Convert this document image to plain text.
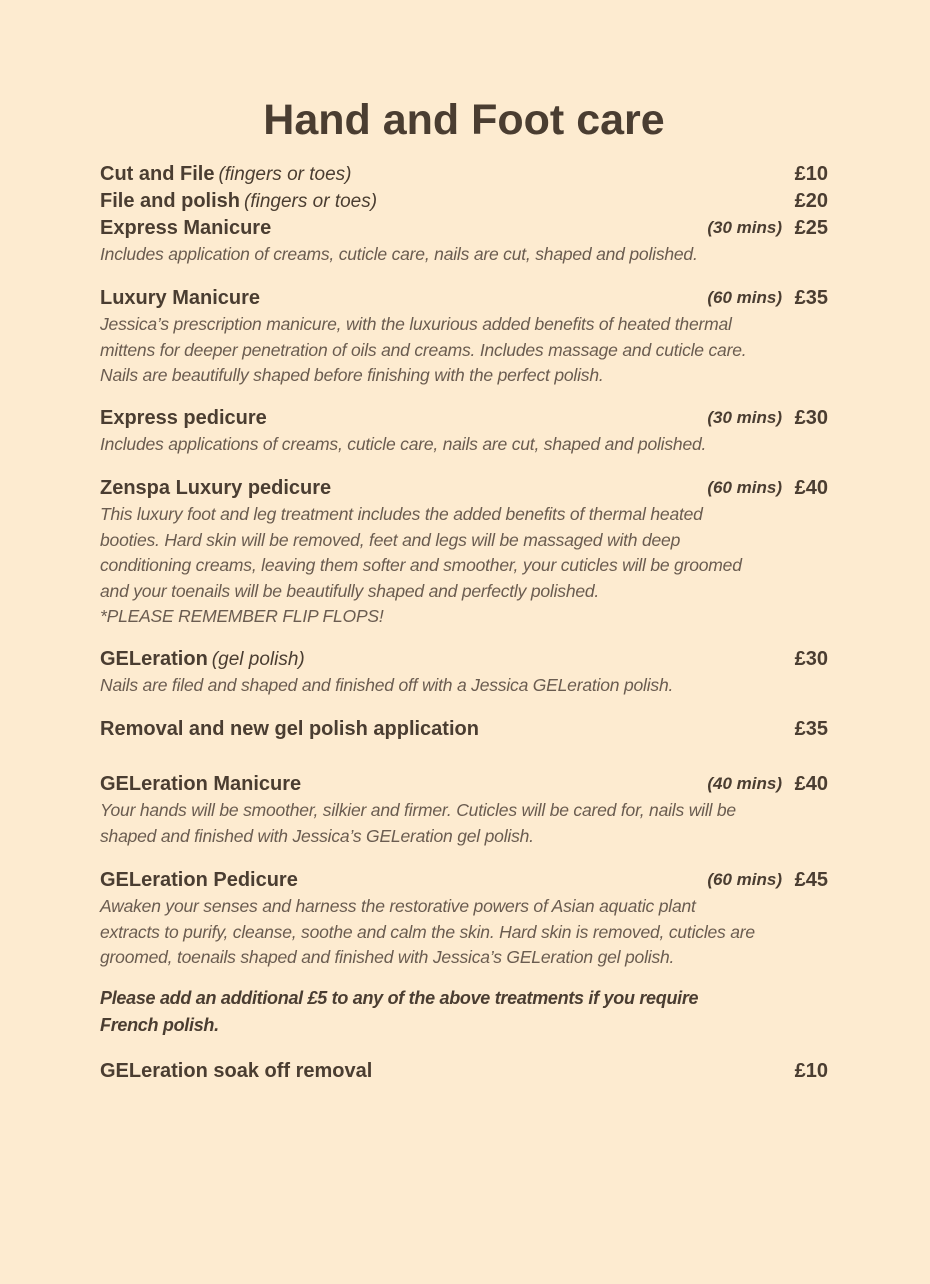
Hand and Foot care
Cut and File (fingers or toes)	£10
File and polish (fingers or toes)	£20
Express Manicure	(30 mins) £25
Includes application of creams, cuticle care, nails are cut, shaped and polished.
Luxury Manicure	(60 mins) £35
Jessica’s prescription manicure, with the luxurious added benefits of heated thermal
mittens for deeper penetration of oils and creams. Includes massage and cuticle care.
Nails are beautifully shaped before finishing with the perfect polish.
Express pedicure	(30 mins) £30
Includes applications of creams, cuticle care, nails are cut, shaped and polished.
Zenspa Luxury pedicure	(60 mins) £40
This luxury foot and leg treatment includes the added benefits of thermal heated
booties. Hard skin will be removed, feet and legs will be massaged with deep
conditioning creams, leaving them softer and smoother, your cuticles will be groomed
and your toenails will be beautifully shaped and perfectly polished.
*PLEASE REMEMBER FLIP FLOPS!
GELeration (gel polish)	£30
Nails are filed and shaped and finished off with a Jessica GELeration polish.
Removal and new gel polish application	£35
GELeration Manicure	(40 mins) £40
Your hands will be smoother, silkier and firmer. Cuticles will be cared for, nails will be
shaped and finished with Jessica’s GELeration gel polish.
GELeration Pedicure	(60 mins) £45
Awaken your senses and harness the restorative powers of Asian aquatic plant
extracts to purify, cleanse, soothe and calm the skin. Hard skin is removed, cuticles are
groomed, toenails shaped and finished with Jessica’s GELeration gel polish.
Please add an additional £5 to any of the above treatments if you require
French polish.
GELeration soak off removal	£10
